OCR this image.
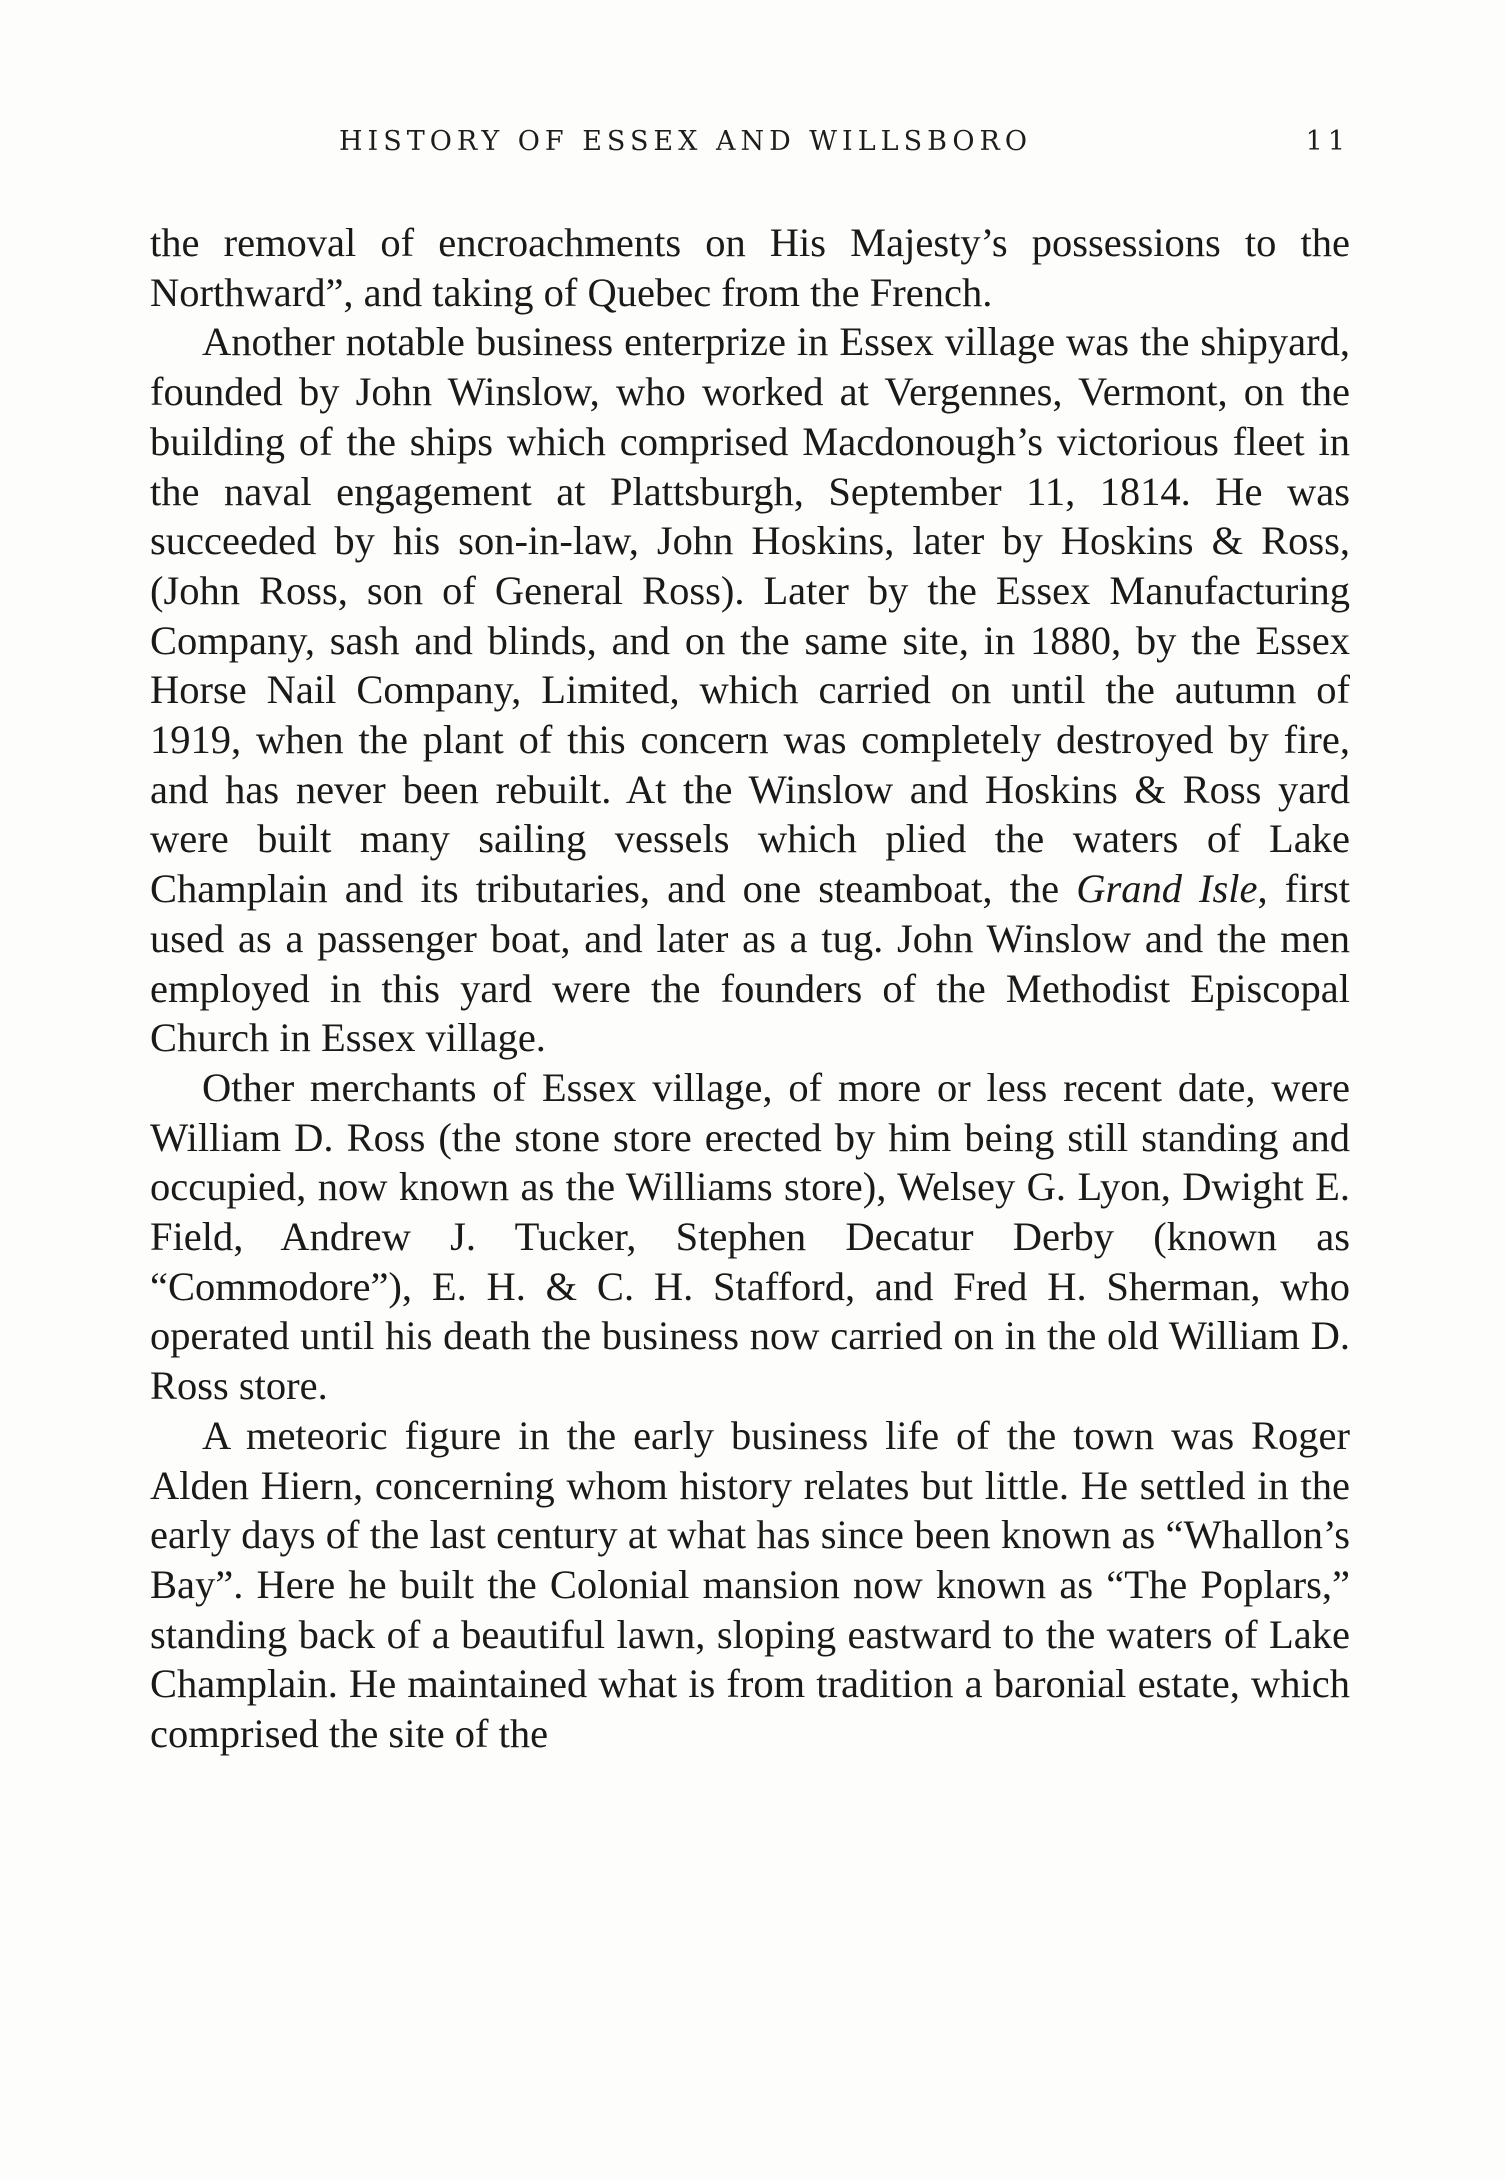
HISTORY OF ESSEX AND WILLSBORO	11

the removal of encroachments on His Majesty’s possessions to the Northward”, and taking of Quebec from the French.

Another notable business enterprize in Essex village was the shipyard, founded by John Winslow, who worked at Vergennes, Vermont, on the building of the ships which comprised Macdonough’s victorious fleet in the naval engagement at Plattsburgh, September 11, 1814. He was succeeded by his son-in-law, John Hoskins, later by Hoskins & Ross, (John Ross, son of General Ross). Later by the Essex Manufacturing Company, sash and blinds, and on the same site, in 1880, by the Essex Horse Nail Company, Limited, which carried on until the autumn of 1919, when the plant of this concern was completely destroyed by fire, and has never been rebuilt. At the Winslow and Hoskins & Ross yard were built many sailing vessels which plied the waters of Lake Champlain and its tributaries, and one steamboat, the Grand Isle, first used as a passenger boat, and later as a tug. John Winslow and the men employed in this yard were the founders of the Methodist Episcopal Church in Essex village.

Other merchants of Essex village, of more or less recent date, were William D. Ross (the stone store erected by him being still standing and occupied, now known as the Williams store), Welsey G. Lyon, Dwight E. Field, Andrew J. Tucker, Stephen Decatur Derby (known as “Commodore”), E. H. & C. H. Stafford, and Fred H. Sherman, who operated until his death the business now carried on in the old William D. Ross store.

A meteoric figure in the early business life of the town was Roger Alden Hiern, concerning whom history relates but little. He settled in the early days of the last century at what has since been known as “Whallon’s Bay”. Here he built the Colonial mansion now known as “The Poplars,” standing back of a beautiful lawn, sloping eastward to the waters of Lake Champlain. He maintained what is from tradition a baronial estate, which comprised the site of the
